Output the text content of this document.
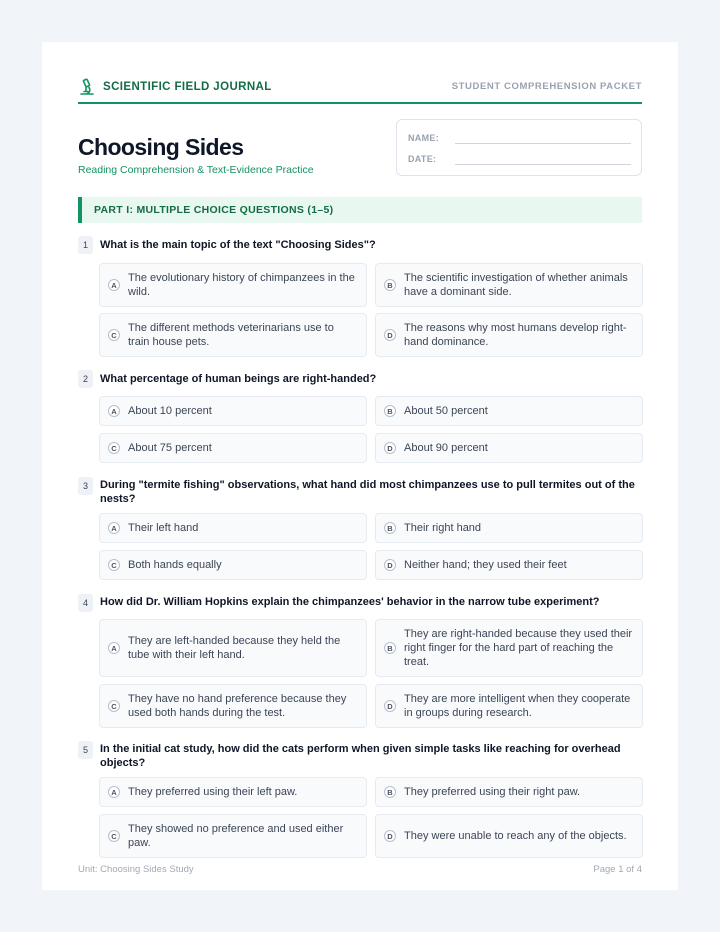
SCIENTIFIC FIELD JOURNAL	STUDENT COMPREHENSION PACKET
Choosing Sides
Reading Comprehension & Text-Evidence Practice
NAME:
DATE:
PART I: MULTIPLE CHOICE QUESTIONS (1–5)
1	What is the main topic of the text "Choosing Sides"?
A
The evolutionary history of chimpanzees in the wild.
B
The scientific investigation of whether animals have a dominant side.
C
The different methods veterinarians use to train house pets.
D
The reasons why most humans develop right-hand dominance.
2	What percentage of human beings are right-handed?
A About 10 percent	B About 50 percent
C About 75 percent	D About 90 percent
3	During "termite fishing" observations, what hand did most chimpanzees use to pull termites out of the nests?
A Their left hand	B Their right hand
C Both hands equally	D Neither hand; they used their feet
4	How did Dr. William Hopkins explain the chimpanzees' behavior in the narrow tube experiment?
A
They are left-handed because they held the tube with their left hand.
B
They are right-handed because they used their right finger for the hard part of reaching the treat.
C
They have no hand preference because they used both hands during the test.
D
They are more intelligent when they cooperate in groups during research.
5	In the initial cat study, how did the cats perform when given simple tasks like reaching for overhead objects?
A They preferred using their left paw.	B They preferred using their right paw.
C
They showed no preference and used either paw.
D They were unable to reach any of the objects.
Unit: Choosing Sides Study	Page 1 of 4
